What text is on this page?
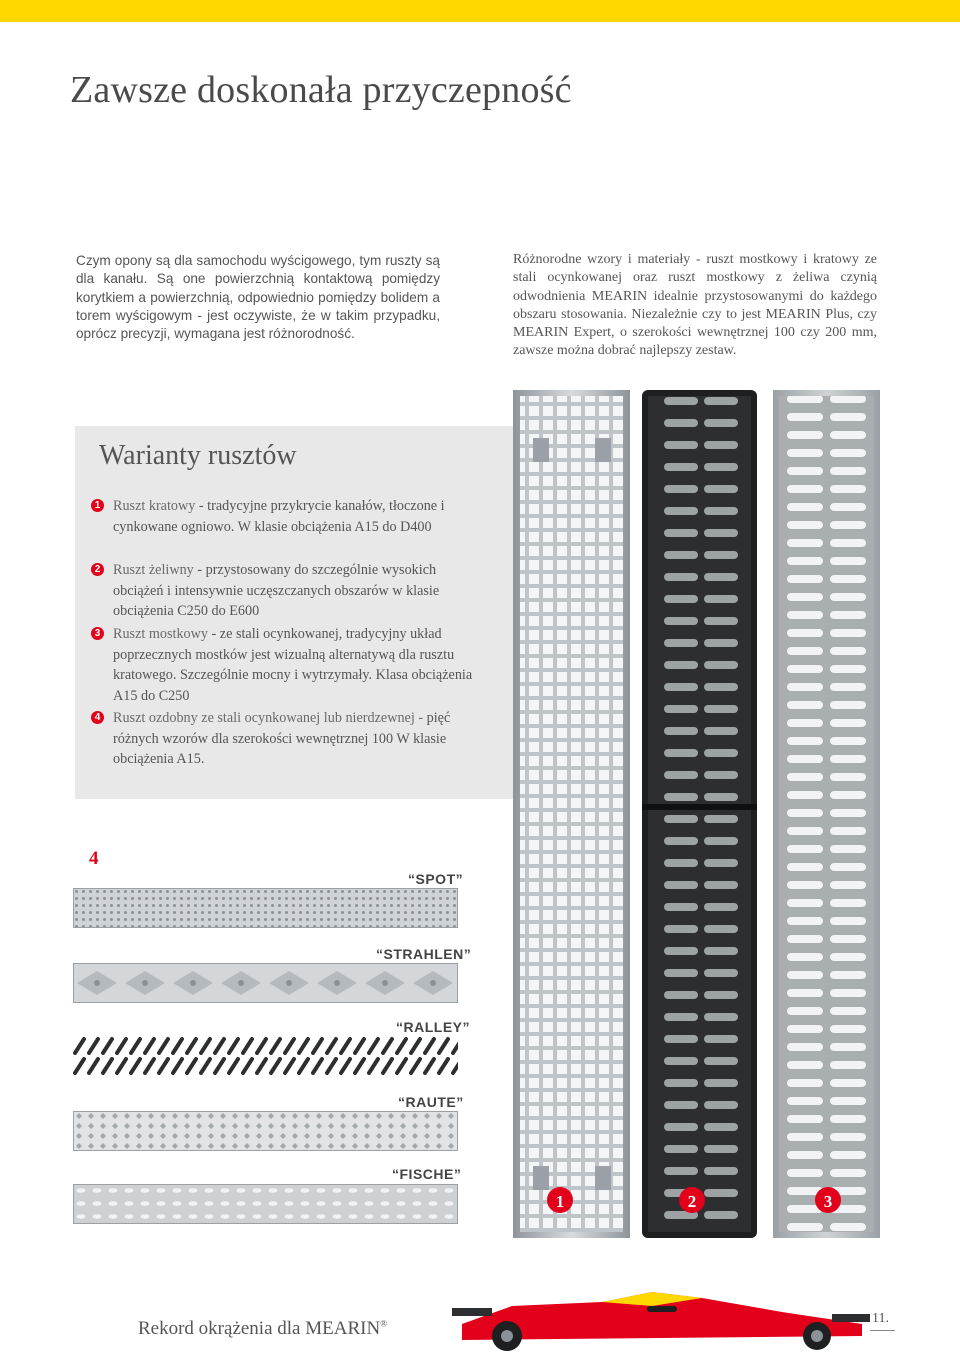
Zawsze doskonała przyczepność

Czym opony są dla samochodu wyścigowego, tym ruszty są dla kanału. Są one powierzchnią kontaktową pomiędzy korytkiem a powierzchnią, odpowiednio pomiędzy bolidem a torem wyścigowym - jest oczywiste, że w takim przypadku, oprócz precyzji, wymagana jest różnorodność.

Różnorodne wzory i materiały - ruszt mostkowy i kratowy ze stali ocynkowanej oraz ruszt mostkowy z żeliwa czynią odwodnienia MEARIN idealnie przystosowanymi do każdego obszaru stosowania. Niezależnie czy to jest MEARIN Plus, czy MEARIN Expert, o szerokości wewnętrznej 100 czy 200 mm, zawsze można dobrać najlepszy zestaw.

Warianty rusztów
1 Ruszt kratowy - tradycyjne przykrycie kanałów, tłoczone i cynkowane ogniowo. W klasie obciążenia A15 do D400
2 Ruszt żeliwny - przystosowany do szczególnie wysokich obciążeń i intensywnie uczęszczanych obszarów w klasie obciążenia C250 do E600
3 Ruszt mostkowy - ze stali ocynkowanej, tradycyjny układ poprzecznych mostków jest wizualną alternatywą dla rusztu kratowego. Szczególnie mocny i wytrzymały. Klasa obciążenia A15 do C250
4 Ruszt ozdobny ze stali ocynkowanej lub nierdzewnej - pięć różnych wzorów dla szerokości wewnętrznej 100 W klasie obciążenia A15.
1	2	3
4
“SPOT”
“STRAHLEN”
“RALLEY”
“RAUTE”
“FISCHE”
Rekord okrążenia dla MEARIN®	11.
